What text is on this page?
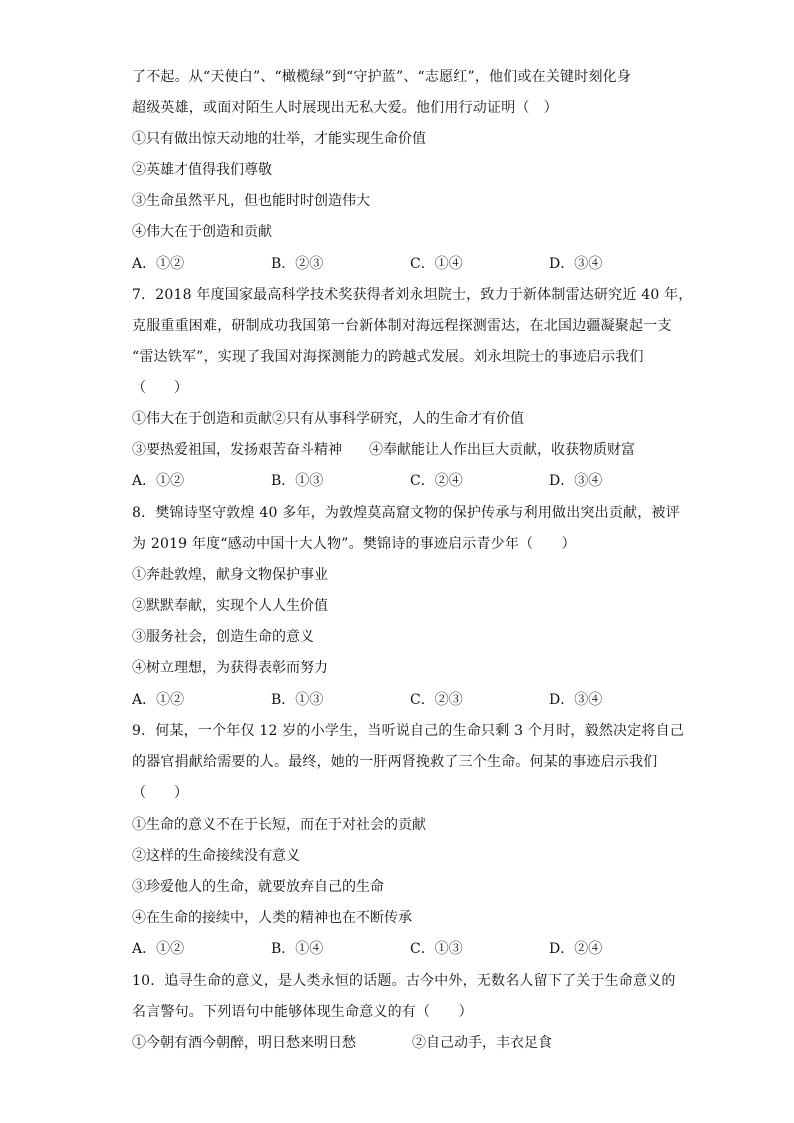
了不起。从“天使白”、“橄榄绿”到“守护蓝”、“志愿红”，他们或在关键时刻化身
超级英雄，或面对陌生人时展现出无私大爱。他们用行动证明（　）
①只有做出惊天动地的壮举，才能实现生命价值
②英雄才值得我们尊敬
③生命虽然平凡，但也能时时创造伟大
④伟大在于创造和贡献
A．①②	B．②③	C．①④	D．③④
7．2018 年度国家最高科学技术奖获得者刘永坦院士，致力于新体制雷达研究近 40 年，
克服重重困难，研制成功我国第一台新体制对海远程探测雷达，在北国边疆凝聚起一支
“雷达铁军”，实现了我国对海探测能力的跨越式发展。刘永坦院士的事迹启示我们
（　　）
①伟大在于创造和贡献②只有从事科学研究，人的生命才有价值
③要热爱祖国，发扬艰苦奋斗精神 ④奉献能让人作出巨大贡献，收获物质财富
A．①②	B．①③	C．②④	D．③④
8．樊锦诗坚守敦煌 40 多年，为敦煌莫高窟文物的保护传承与利用做出突出贡献，被评
为 2019 年度“感动中国十大人物”。樊锦诗的事迹启示青少年（　　）
①奔赴敦煌，献身文物保护事业
②默默奉献，实现个人人生价值
③服务社会，创造生命的意义
④树立理想，为获得表彰而努力
A．①②	B．①③	C．②③	D．③④
9．何某，一个年仅 12 岁的小学生，当听说自己的生命只剩 3 个月时，毅然决定将自己
的器官捐献给需要的人。最终，她的一肝两肾挽救了三个生命。何某的事迹启示我们
（　　）
①生命的意义不在于长短，而在于对社会的贡献
②这样的生命接续没有意义
③珍爱他人的生命，就要放弃自己的生命
④在生命的接续中，人类的精神也在不断传承
A．①②	B．①④	C．①③	D．②④
10．追寻生命的意义，是人类永恒的话题。古今中外，无数名人留下了关于生命意义的
名言警句。下列语句中能够体现生命意义的有（　　）
①今朝有酒今朝醉，明日愁来明日愁	②自己动手，丰衣足食
